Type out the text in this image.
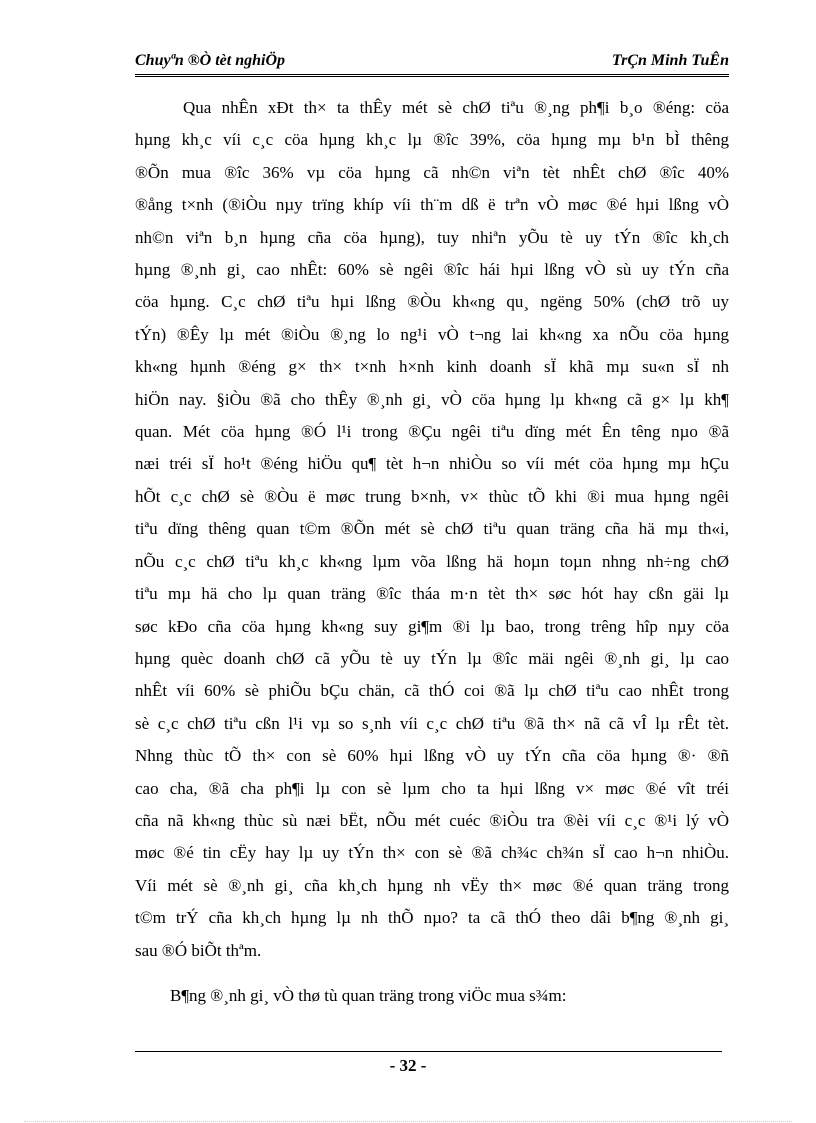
Chuyªn ®Ò tèt nghiÖp	TrÇn Minh TuÊn
Qua nhÊn xÐt th× ta thÊy mét sè chØ tiªu ®¸ng ph¶i b¸o ®éng: cöa
hµng kh¸c víi c¸c cöa hµng kh¸c lµ ®îc 39%, cöa hµng mµ b¹n bÌ thêng
®Õn mua ®îc 36% vµ cöa hµng cã nh©n viªn tèt nhÊt chØ ®îc 40%
®ång t×nh (®iÒu nµy trïng khíp víi th¨m dß ë trªn vÒ møc ®é hµi lßng vÒ
nh©n viªn b¸n hµng cña cöa hµng), tuy nhiªn yÕu tè uy tÝn ®îc kh¸ch
hµng ®¸nh gi¸ cao nhÊt: 60% sè ngêi ®îc hái hµi lßng vÒ sù uy tÝn cña
cöa hµng. C¸c chØ tiªu hµi lßng ®Òu kh«ng qu¸ ngëng 50% (chØ trõ uy
tÝn) ®Êy lµ mét ®iÒu ®¸ng lo ng¹i vÒ t¬ng lai kh«ng xa nÕu cöa hµng
kh«ng hµnh ®éng g× th× t×nh h×nh kinh doanh sÏ khã mµ su«n sÏ nh
hiÖn nay. §iÒu ®ã cho thÊy ®¸nh gi¸ vÒ cöa hµng lµ kh«ng cã g× lµ kh¶
quan. Mét cöa hµng ®Ó l¹i trong ®Çu ngêi tiªu dïng mét Ên têng nµo ®ã
næi tréi sÏ ho¹t ®éng hiÖu qu¶ tèt h¬n nhiÒu so víi mét cöa hµng mµ hÇu
hÕt c¸c chØ sè ®Òu ë møc trung b×nh, v× thùc tÕ khi ®i mua hµng ngêi
tiªu dïng thêng quan t©m ®Õn mét sè chØ tiªu quan träng cña hä mµ th«i,
nÕu c¸c chØ tiªu kh¸c kh«ng lµm võa lßng hä hoµn toµn nhng nh÷ng chØ
tiªu mµ hä cho lµ quan träng ®îc tháa m·n tèt th× søc hót hay cßn gäi lµ
søc kÐo cña cöa hµng kh«ng suy gi¶m ®i lµ bao, trong trêng hîp nµy cöa
hµng quèc doanh chØ cã yÕu tè uy tÝn lµ ®îc mäi ngêi ®¸nh gi¸ lµ cao
nhÊt víi 60% sè phiÕu bÇu chän, cã thÓ coi ®ã lµ chØ tiªu cao nhÊt trong
sè c¸c chØ tiªu cßn l¹i vµ so s¸nh víi c¸c chØ tiªu ®ã th× nã cã vÎ lµ rÊt tèt.
Nhng thùc tÕ th× con sè 60% hµi lßng vÒ uy tÝn cña cöa hµng ®· ®ñ
cao cha, ®ã cha ph¶i lµ con sè lµm cho ta hµi lßng v× møc ®é vît tréi
cña nã kh«ng thùc sù næi bËt, nÕu mét cuéc ®iÒu tra ®èi víi c¸c ®¹i lý vÒ
møc ®é tin cËy hay lµ uy tÝn th× con sè ®ã ch¾c ch¾n sÏ cao h¬n nhiÒu.
Víi mét sè ®¸nh gi¸ cña kh¸ch hµng nh vËy th× møc ®é quan träng trong
t©m trÝ cña kh¸ch hµng lµ nh thÕ nµo? ta cã thÓ theo dâi b¶ng ®¸nh gi¸
sau ®Ó biÕt thªm.
B¶ng ®¸nh gi¸ vÒ thø tù quan träng trong viÖc mua s¾m:
- 32 -
